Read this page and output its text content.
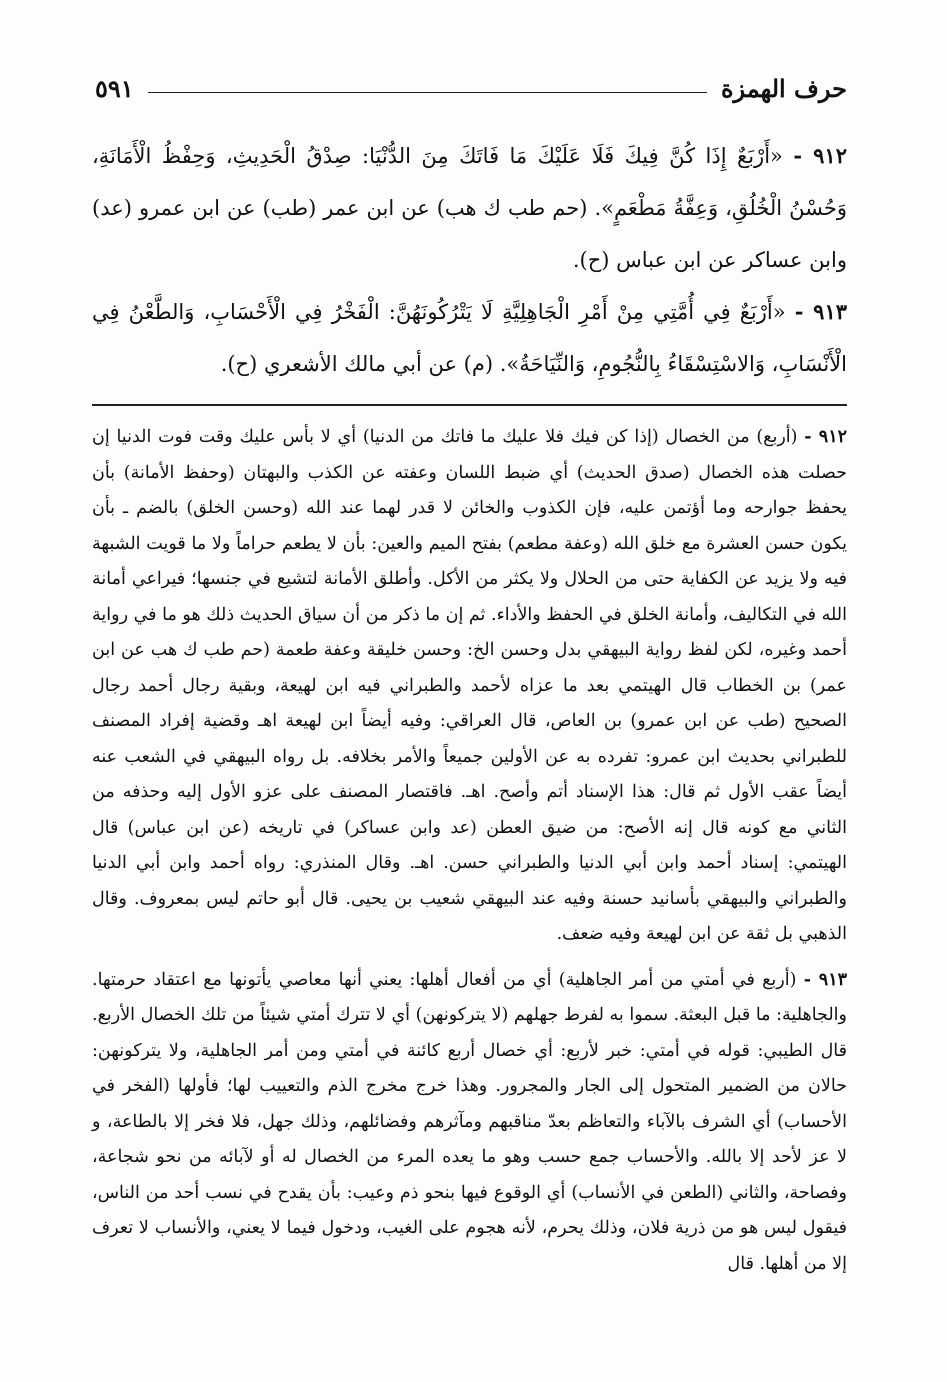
حرف الهمزة
٥٩١

٩١٢ - «أَرْبَعٌ إِذَا كُنَّ فِيكَ فَلَا عَلَيْكَ مَا فَاتَكَ مِنَ الدُّنْيَا: صِدْقُ الْحَدِيثِ، وَحِفْظُ الْأَمَانَةِ، وَحُسْنُ الْخُلُقِ، وَعِفَّةُ مَطْعَمٍ». (حم طب ك هب) عن ابن عمر (طب) عن ابن عمرو (عد) وابن عساكر عن ابن عباس (ح).

٩١٣ - «أَرْبَعٌ فِي أُمَّتِي مِنْ أَمْرِ الْجَاهِلِيَّةِ لَا يَتْرُكُونَهُنَّ: الْفَخْرُ فِي الْأَحْسَابِ، وَالطَّعْنُ فِي الْأَنْسَابِ، وَالاسْتِسْقَاءُ بِالنُّجُومِ، وَالنِّيَاحَةُ». (م) عن أبي مالك الأشعري (ح).

٩١٢ - (أربع) من الخصال (إذا كن فيك فلا عليك ما فاتك من الدنيا) أي لا بأس عليك وقت فوت الدنيا إن حصلت هذه الخصال (صدق الحديث) أي ضبط اللسان وعفته عن الكذب والبهتان (وحفظ الأمانة) بأن يحفظ جوارحه وما أؤتمن عليه، فإن الكذوب والخائن لا قدر لهما عند الله (وحسن الخلق) بالضم ـ بأن يكون حسن العشرة مع خلق الله (وعفة مطعم) بفتح الميم والعين: بأن لا يطعم حراماً ولا ما قويت الشبهة فيه ولا يزيد عن الكفاية حتى من الحلال ولا يكثر من الأكل. وأطلق الأمانة لتشيع في جنسها؛ فيراعي أمانة الله في التكاليف، وأمانة الخلق في الحفظ والأداء. ثم إن ما ذكر من أن سياق الحديث ذلك هو ما في رواية أحمد وغيره، لكن لفظ رواية البيهقي بدل وحسن الخ: وحسن خليقة وعفة طعمة (حم طب ك هب عن ابن عمر) بن الخطاب قال الهيتمي بعد ما عزاه لأحمد والطبراني فيه ابن لهيعة، وبقية رجال أحمد رجال الصحيح (طب عن ابن عمرو) بن العاص، قال العراقي: وفيه أيضاً ابن لهيعة اهـ وقضية إفراد المصنف للطبراني بحديث ابن عمرو: تفرده به عن الأولين جميعاً والأمر بخلافه. بل رواه البيهقي في الشعب عنه أيضاً عقب الأول ثم قال: هذا الإسناد أتم وأصح. اهـ. فاقتصار المصنف على عزو الأول إليه وحذفه من الثاني مع كونه قال إنه الأصح: من ضيق العطن (عد وابن عساكر) في تاريخه (عن ابن عباس) قال الهيتمي: إسناد أحمد وابن أبي الدنيا والطبراني حسن. اهـ. وقال المنذري: رواه أحمد وابن أبي الدنيا والطبراني والبيهقي بأسانيد حسنة وفيه عند البيهقي شعيب بن يحيى. قال أبو حاتم ليس بمعروف. وقال الذهبي بل ثقة عن ابن لهيعة وفيه ضعف.

٩١٣ - (أربع في أمتي من أمر الجاهلية) أي من أفعال أهلها: يعني أنها معاصي يأتونها مع اعتقاد حرمتها. والجاهلية: ما قبل البعثة. سموا به لفرط جهلهم (لا يتركونهن) أي لا تترك أمتي شيئاً من تلك الخصال الأربع. قال الطيبي: قوله في أمتي: خبر لأربع: أي خصال أربع كائنة في أمتي ومن أمر الجاهلية، ولا يتركونهن: حالان من الضمير المتحول إلى الجار والمجرور. وهذا خرج مخرج الذم والتعييب لها؛ فأولها (الفخر في الأحساب) أي الشرف بالآباء والتعاظم بعدّ مناقبهم ومآثرهم وفضائلهم، وذلك جهل، فلا فخر إلا بالطاعة، و لا عز لأحد إلا بالله. والأحساب جمع حسب وهو ما يعده المرء من الخصال له أو لآبائه من نحو شجاعة، وفصاحة، والثاني (الطعن في الأنساب) أي الوقوع فيها بنحو ذم وعيب: بأن يقدح في نسب أحد من الناس، فيقول ليس هو من ذرية فلان، وذلك يحرم، لأنه هجوم على الغيب، ودخول فيما لا يعني، والأنساب لا تعرف إلا من أهلها. قال
